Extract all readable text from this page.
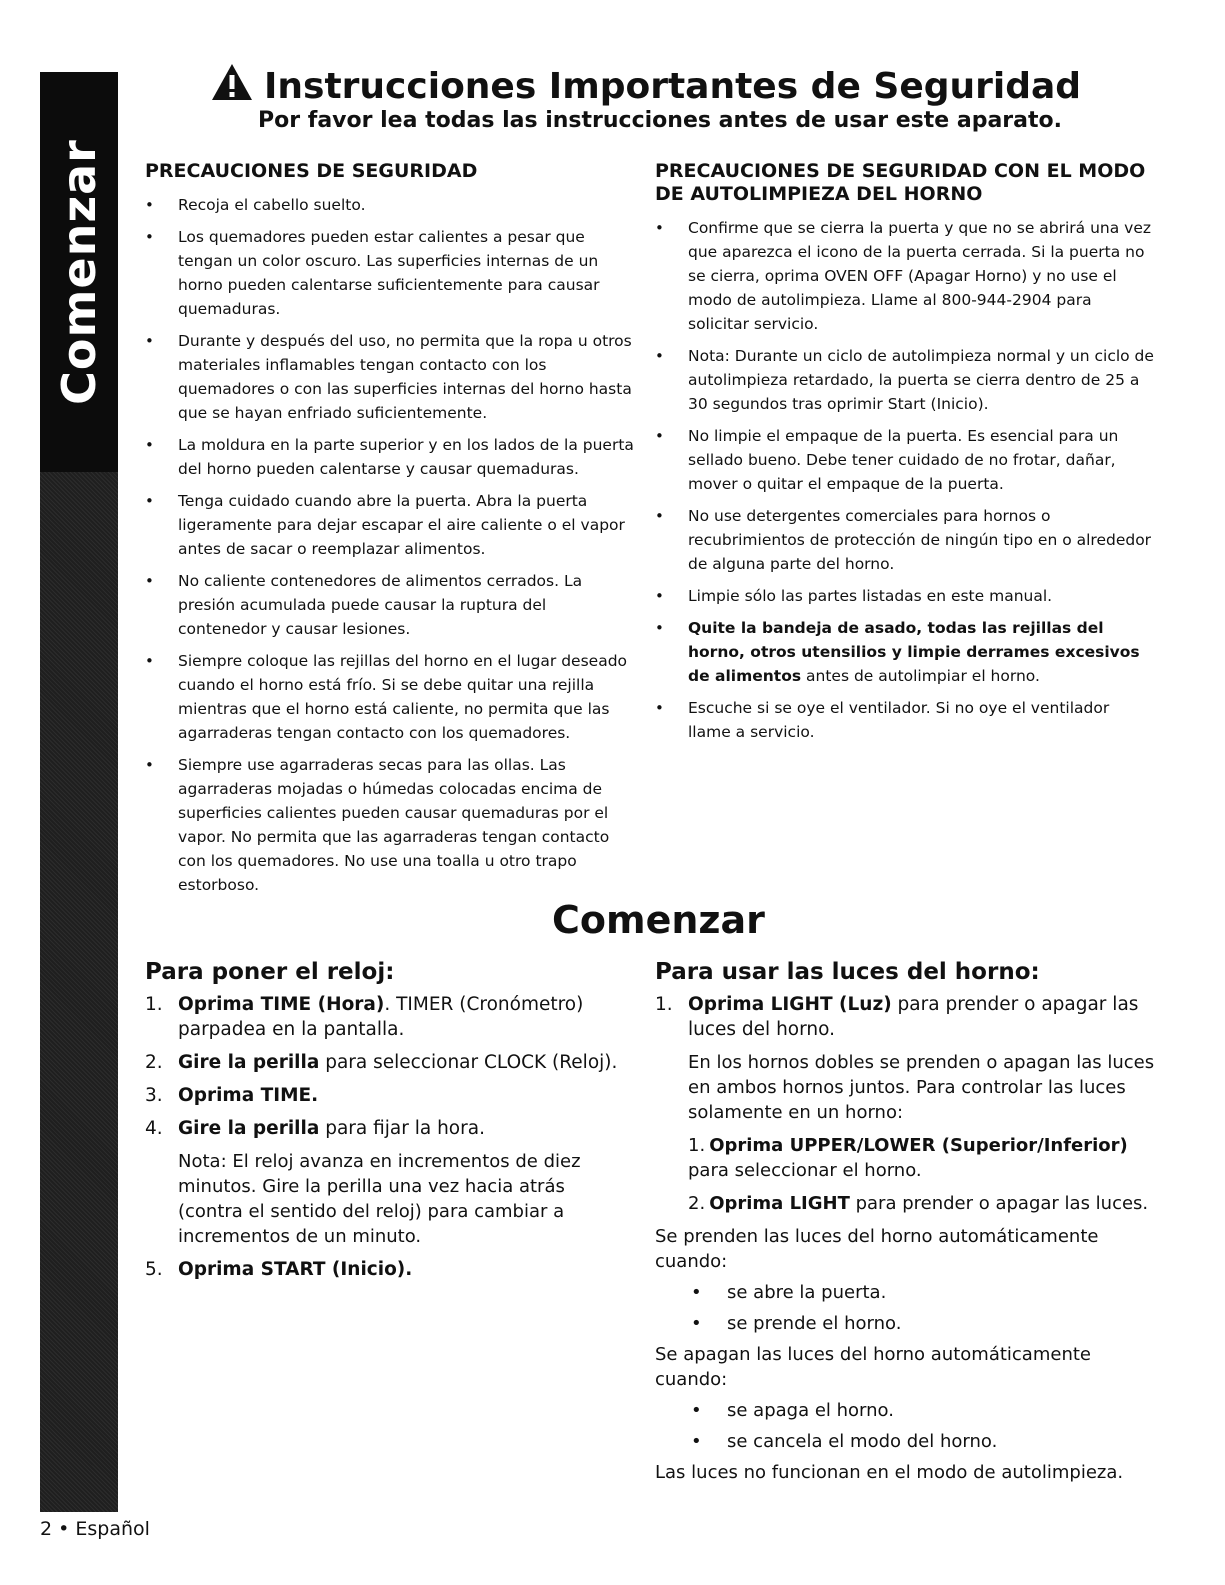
Comenzar
Instrucciones Importantes de Seguridad
Por favor lea todas las instrucciones antes de usar este aparato.
PRECAUCIONES DE SEGURIDAD
• Recoja el cabello suelto.
• Los quemadores pueden estar calientes a pesar que tengan un color oscuro. Las superficies internas de un horno pueden calentarse suficientemente para causar quemaduras.
• Durante y después del uso, no permita que la ropa u otros materiales inflamables tengan contacto con los quemadores o con las superficies internas del horno hasta que se hayan enfriado suficientemente.
• La moldura en la parte superior y en los lados de la puerta del horno pueden calentarse y causar quemaduras.
• Tenga cuidado cuando abre la puerta. Abra la puerta ligeramente para dejar escapar el aire caliente o el vapor antes de sacar o reemplazar alimentos.
• No caliente contenedores de alimentos cerrados. La presión acumulada puede causar la ruptura del contenedor y causar lesiones.
• Siempre coloque las rejillas del horno en el lugar deseado cuando el horno está frío. Si se debe quitar una rejilla mientras que el horno está caliente, no permita que las agarraderas tengan contacto con los quemadores.
• Siempre use agarraderas secas para las ollas. Las agarraderas mojadas o húmedas colocadas encima de superficies calientes pueden causar quemaduras por el vapor. No permita que las agarraderas tengan contacto con los quemadores. No use una toalla u otro trapo estorboso.
PRECAUCIONES DE SEGURIDAD CON EL MODO DE AUTOLIMPIEZA DEL HORNO
• Confirme que se cierra la puerta y que no se abrirá una vez que aparezca el icono de la puerta cerrada. Si la puerta no se cierra, oprima OVEN OFF (Apagar Horno) y no use el modo de autolimpieza. Llame al 800-944-2904 para solicitar servicio.
• Nota: Durante un ciclo de autolimpieza normal y un ciclo de autolimpieza retardado, la puerta se cierra dentro de 25 a 30 segundos tras oprimir Start (Inicio).
• No limpie el empaque de la puerta. Es esencial para un sellado bueno. Debe tener cuidado de no frotar, dañar, mover o quitar el empaque de la puerta.
• No use detergentes comerciales para hornos o recubrimientos de protección de ningún tipo en o alrededor de alguna parte del horno.
• Limpie sólo las partes listadas en este manual.
• Quite la bandeja de asado, todas las rejillas del horno, otros utensilios y limpie derrames excesivos de alimentos antes de autolimpiar el horno.
• Escuche si se oye el ventilador. Si no oye el ventilador llame a servicio.
Comenzar
Para poner el reloj:
1. Oprima TIME (Hora). TIMER (Cronómetro) parpadea en la pantalla.
2. Gire la perilla para seleccionar CLOCK (Reloj).
3. Oprima TIME.
4. Gire la perilla para fijar la hora.
Nota: El reloj avanza en incrementos de diez minutos. Gire la perilla una vez hacia atrás (contra el sentido del reloj) para cambiar a incrementos de un minuto.
5. Oprima START (Inicio).
Para usar las luces del horno:
1. Oprima LIGHT (Luz) para prender o apagar las luces del horno.
En los hornos dobles se prenden o apagan las luces en ambos hornos juntos. Para controlar las luces solamente en un horno:
1. Oprima UPPER/LOWER (Superior/Inferior) para seleccionar el horno.
2. Oprima LIGHT para prender o apagar las luces.
Se prenden las luces del horno automáticamente cuando:
• se abre la puerta.
• se prende el horno.
Se apagan las luces del horno automáticamente cuando:
• se apaga el horno.
• se cancela el modo del horno.
Las luces no funcionan en el modo de autolimpieza.
2 • Español
